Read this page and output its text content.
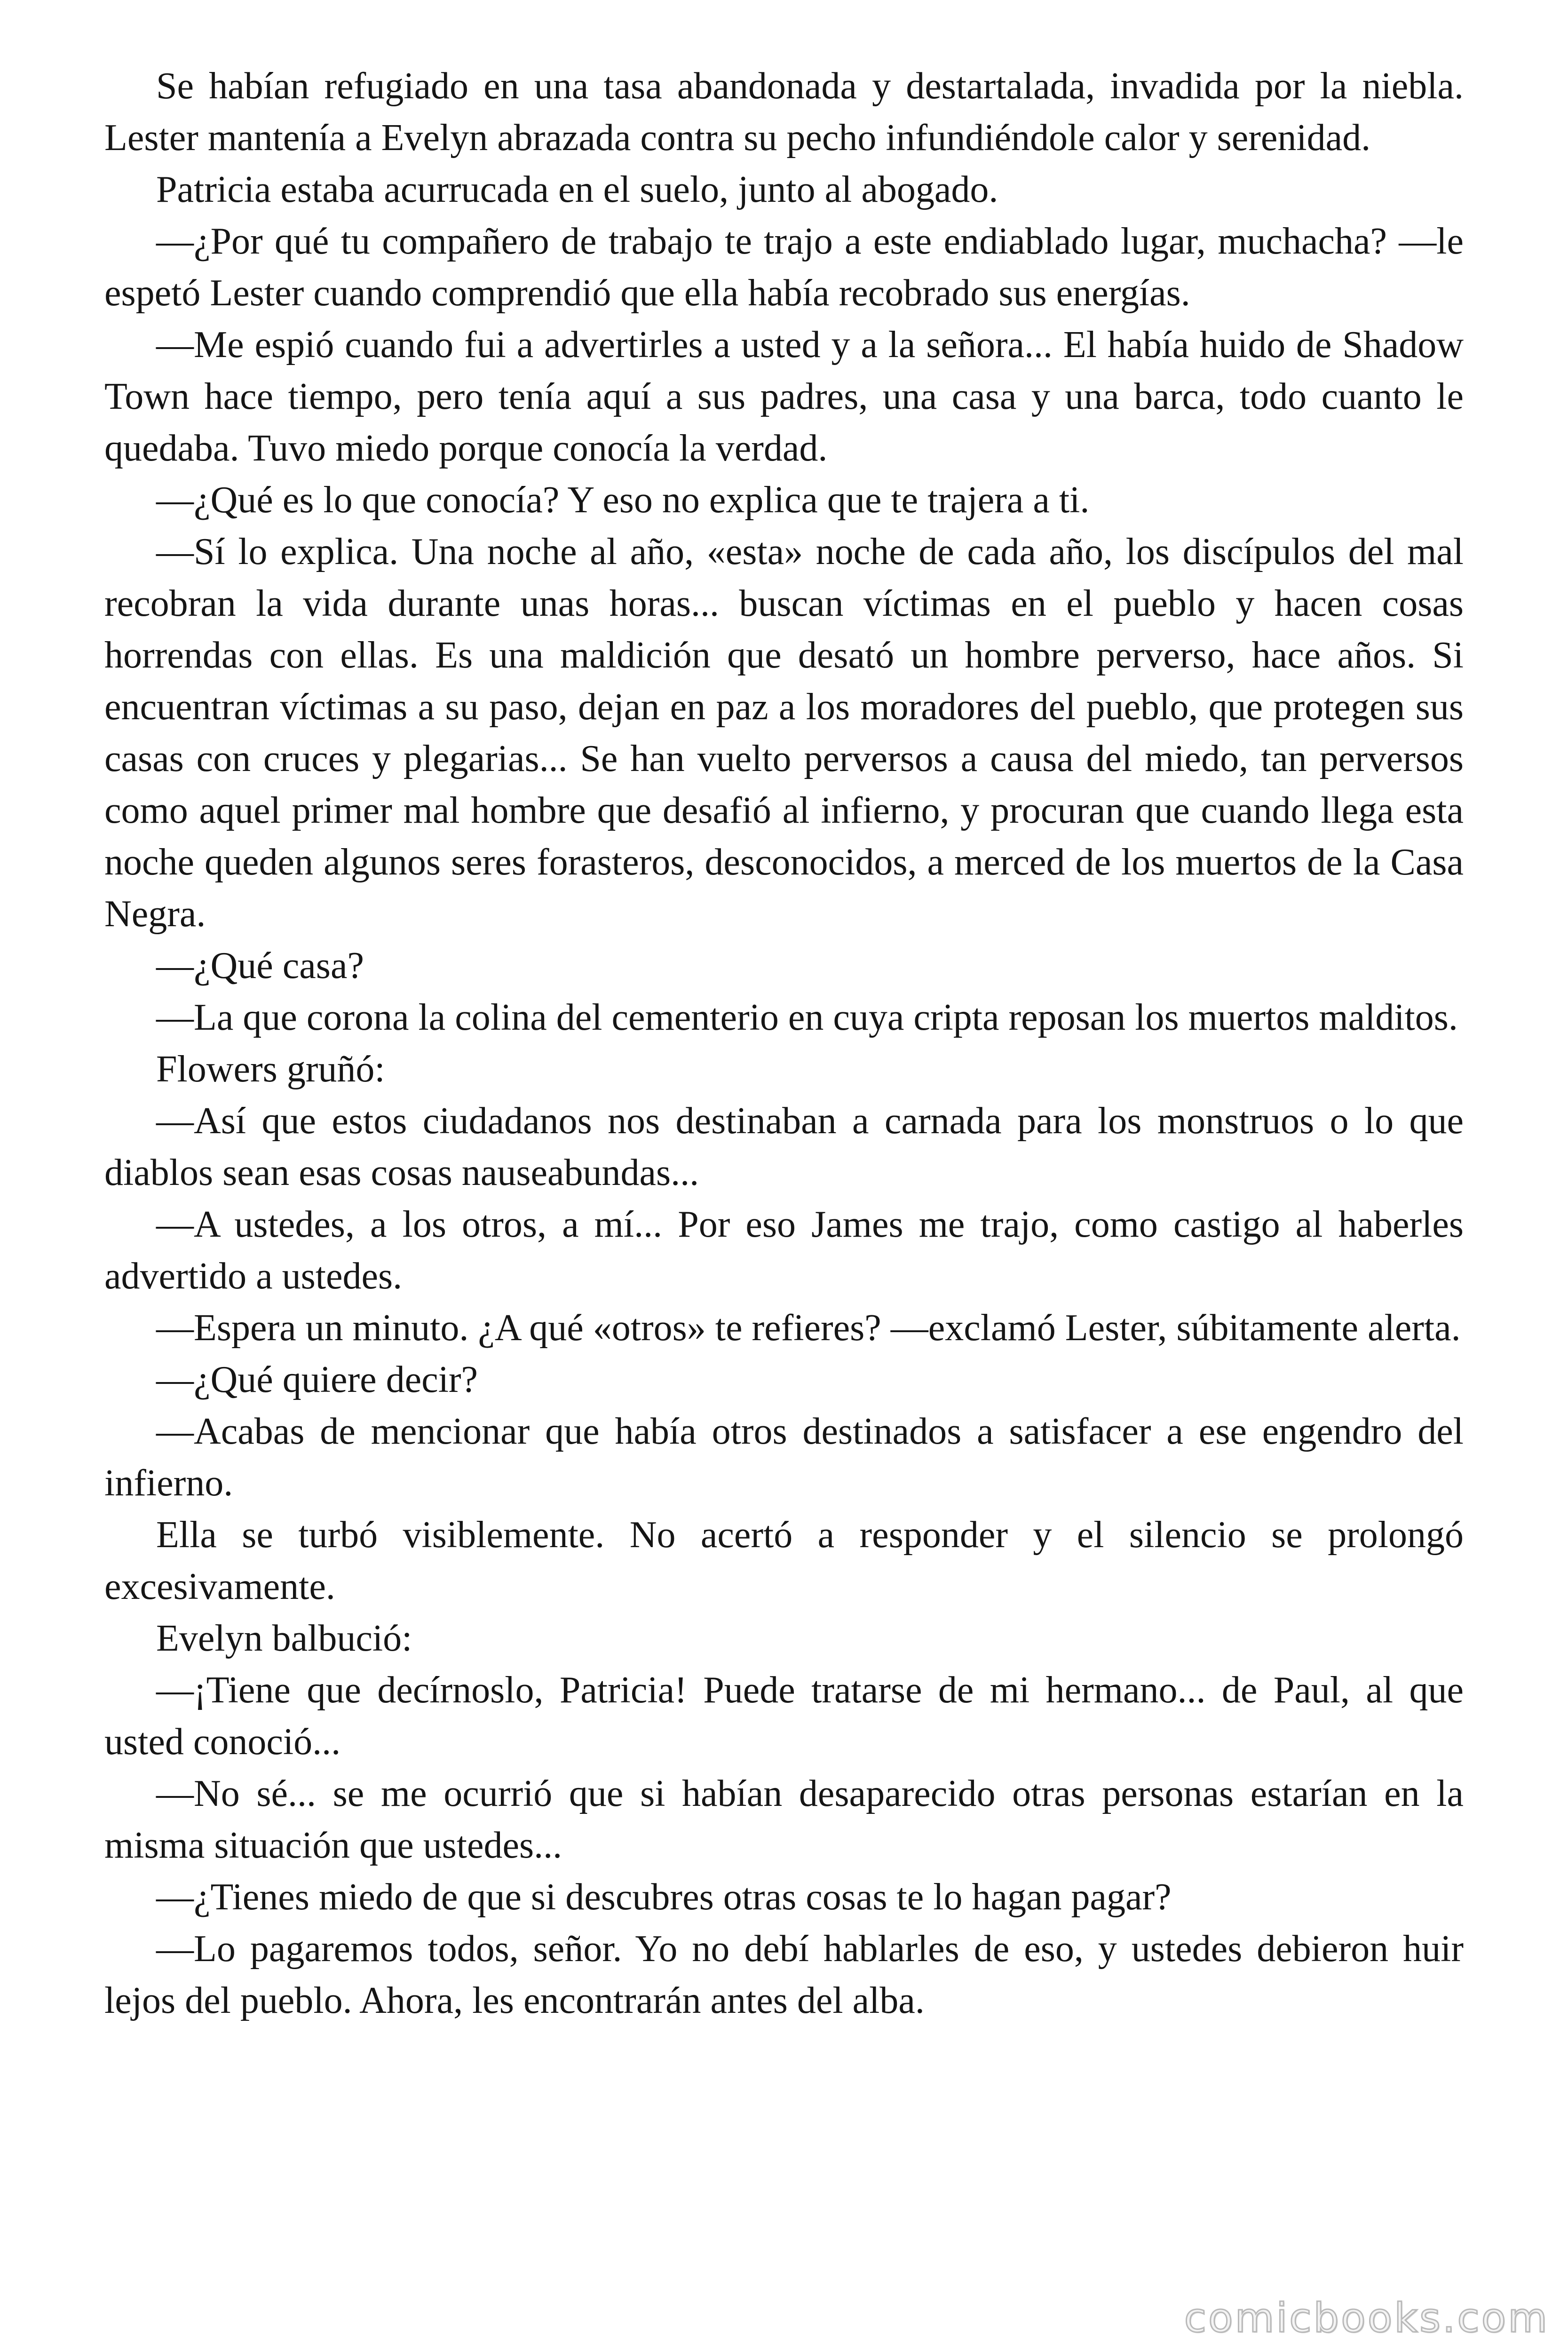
Se habían refugiado en una tasa abandonada y destartalada, invadida por la niebla. Lester mantenía a Evelyn abrazada contra su pecho infundiéndole calor y serenidad.

Patricia estaba acurrucada en el suelo, junto al abogado.

—¿Por qué tu compañero de trabajo te trajo a este endiablado lugar, muchacha? —le espetó Lester cuando comprendió que ella había recobrado sus energías.

—Me espió cuando fui a advertirles a usted y a la señora... El había huido de Shadow Town hace tiempo, pero tenía aquí a sus padres, una casa y una barca, todo cuanto le quedaba. Tuvo miedo porque conocía la verdad.

—¿Qué es lo que conocía? Y eso no explica que te trajera a ti.

—Sí lo explica. Una noche al año, «esta» noche de cada año, los discípulos del mal recobran la vida durante unas horas... buscan víctimas en el pueblo y hacen cosas horrendas con ellas. Es una maldición que desató un hombre perverso, hace años. Si encuentran víctimas a su paso, dejan en paz a los moradores del pueblo, que protegen sus casas con cruces y plegarias... Se han vuelto perversos a causa del miedo, tan perversos como aquel primer mal hombre que desafió al infierno, y procuran que cuando llega esta noche queden algunos seres forasteros, desconocidos, a merced de los muertos de la Casa Negra.

—¿Qué casa?

—La que corona la colina del cementerio en cuya cripta reposan los muertos malditos.

Flowers gruñó:

—Así que estos ciudadanos nos destinaban a carnada para los monstruos o lo que diablos sean esas cosas nauseabundas...

—A ustedes, a los otros, a mí... Por eso James me trajo, como castigo al haberles advertido a ustedes.

—Espera un minuto. ¿A qué «otros» te refieres? —exclamó Lester, súbitamente alerta.

—¿Qué quiere decir?

—Acabas de mencionar que había otros destinados a satisfacer a ese engendro del infierno.

Ella se turbó visiblemente. No acertó a responder y el silencio se prolongó excesivamente.

Evelyn balbució:

—¡Tiene que decírnoslo, Patricia! Puede tratarse de mi hermano... de Paul, al que usted conoció...

—No sé... se me ocurrió que si habían desaparecido otras personas estarían en la misma situación que ustedes...

—¿Tienes miedo de que si descubres otras cosas te lo hagan pagar?

—Lo pagaremos todos, señor. Yo no debí hablarles de eso, y ustedes debieron huir lejos del pueblo. Ahora, les encontrarán antes del alba.

comicbooks.com
